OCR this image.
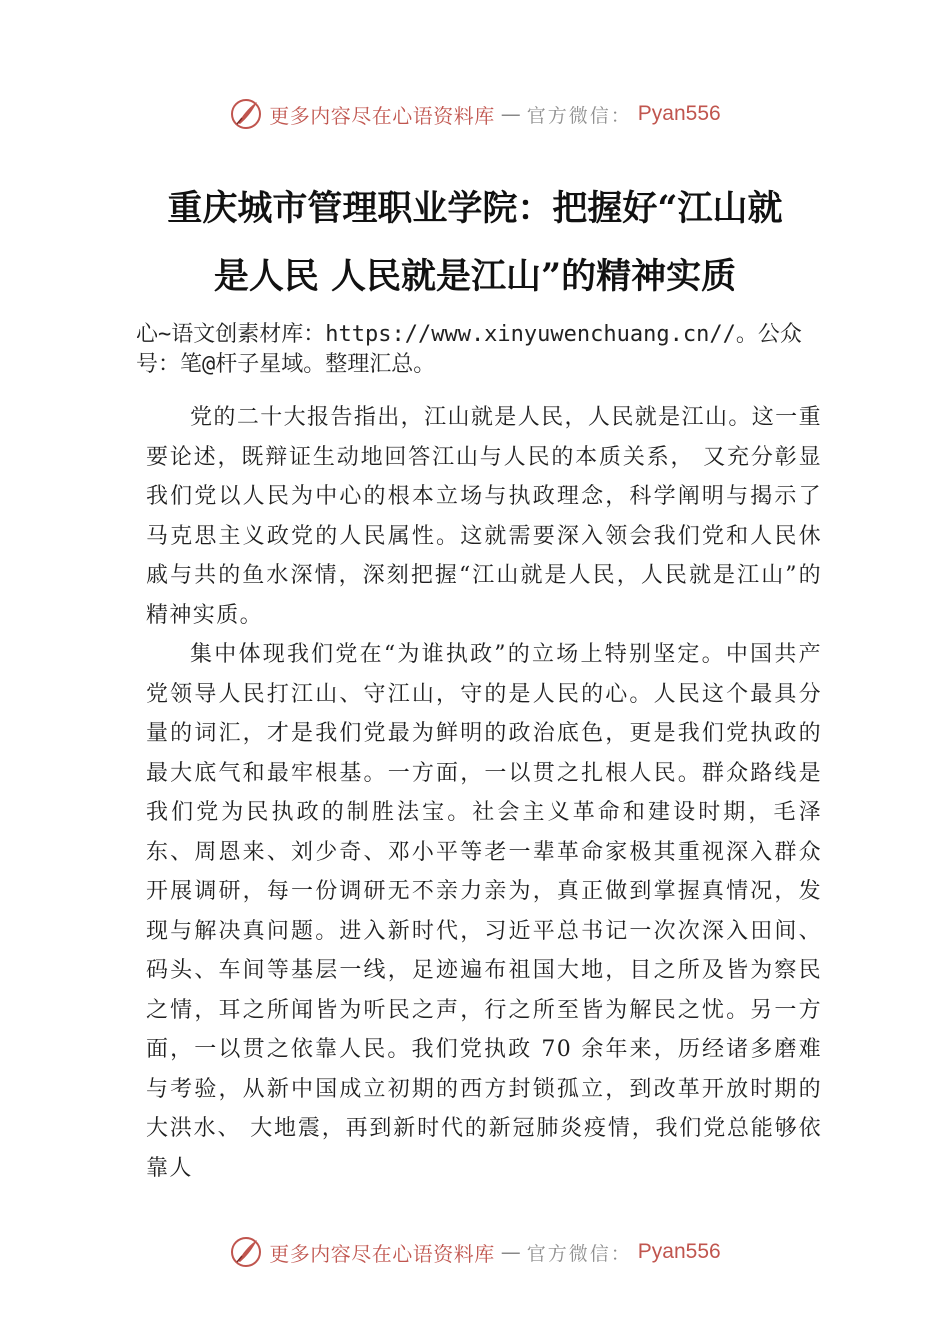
更多内容尽在心语资料库 — 官方微信： Pyan556
重庆城市管理职业学院：把握好“江山就
是人民 人民就是江山”的精神实质

心~语文创素材库：https://www.xinyuwenchuang.cn//。公众号：笔@杆子星域。整理汇总。

党的二十大报告指出，江山就是人民，人民就是江山。这一重要论述，既辩证生动地回答江山与人民的本质关系， 又充分彰显我们党以人民为中心的根本立场与执政理念，科学阐明与揭示了马克思主义政党的人民属性。这就需要深入领会我们党和人民休戚与共的鱼水深情，深刻把握“江山就是人民，人民就是江山”的精神实质。

集中体现我们党在“为谁执政”的立场上特别坚定。中国共产党领导人民打江山、守江山，守的是人民的心。人民这个最具分量的词汇，才是我们党最为鲜明的政治底色，更是我们党执政的最大底气和最牢根基。一方面，一以贯之扎根人民。群众路线是我们党为民执政的制胜法宝。社会主义革命和建设时期，毛泽东、周恩来、刘少奇、邓小平等老一辈革命家极其重视深入群众开展调研，每一份调研无不亲力亲为，真正做到掌握真情况，发现与解决真问题。进入新时代，习近平总书记一次次深入田间、码头、车间等基层一线，足迹遍布祖国大地，目之所及皆为察民之情，耳之所闻皆为听民之声，行之所至皆为解民之忧。另一方面，一以贯之依靠人民。我们党执政 70 余年来，历经诸多磨难与考验，从新中国成立初期的西方封锁孤立，到改革开放时期的大洪水、 大地震，再到新时代的新冠肺炎疫情，我们党总能够依靠人

更多内容尽在心语资料库 — 官方微信： Pyan556
